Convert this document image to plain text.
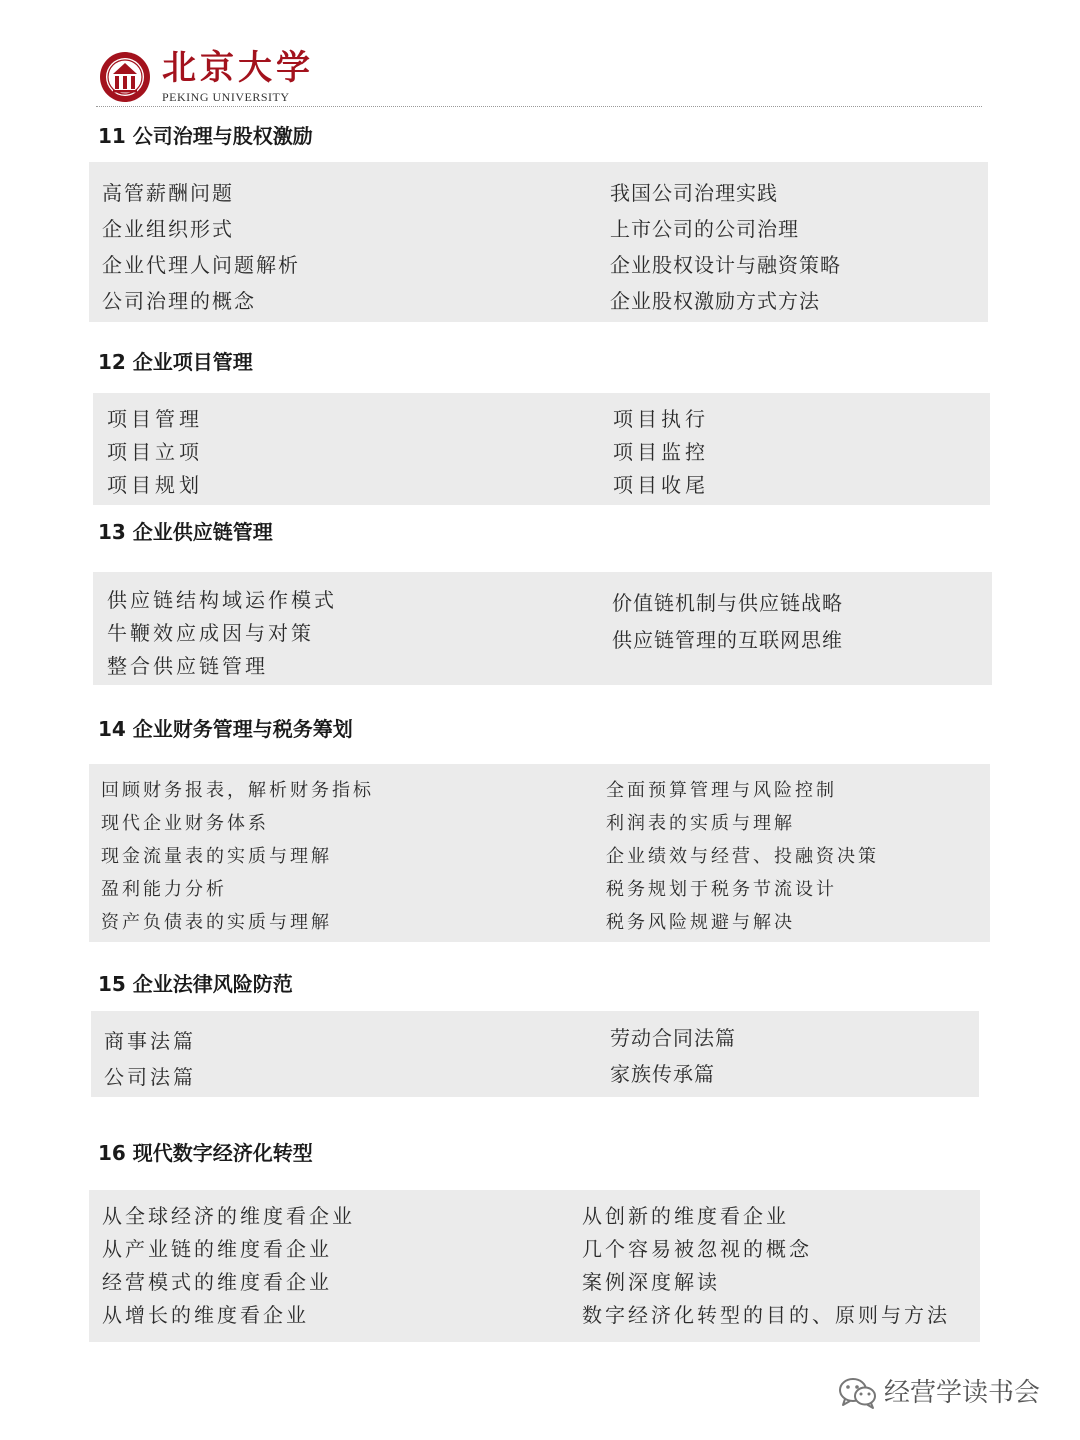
北京大学
PEKING UNIVERSITY
11 公司治理与股权激励
高管薪酬问题
企业组织形式
企业代理人问题解析
公司治理的概念
我国公司治理实践
上市公司的公司治理
企业股权设计与融资策略
企业股权激励方式方法
12 企业项目管理
项目管理
项目立项
项目规划
项目执行
项目监控
项目收尾
13 企业供应链管理
供应链结构域运作模式
牛鞭效应成因与对策
整合供应链管理
价值链机制与供应链战略
供应链管理的互联网思维
14 企业财务管理与税务筹划
回顾财务报表，解析财务指标
现代企业财务体系
现金流量表的实质与理解
盈利能力分析
资产负债表的实质与理解
全面预算管理与风险控制
利润表的实质与理解
企业绩效与经营、投融资决策
税务规划于税务节流设计
税务风险规避与解决
15 企业法律风险防范
商事法篇
公司法篇
劳动合同法篇
家族传承篇
16 现代数字经济化转型
从全球经济的维度看企业
从产业链的维度看企业
经营模式的维度看企业
从增长的维度看企业
从创新的维度看企业
几个容易被忽视的概念
案例深度解读
数字经济化转型的目的、原则与方法
经营学读书会
